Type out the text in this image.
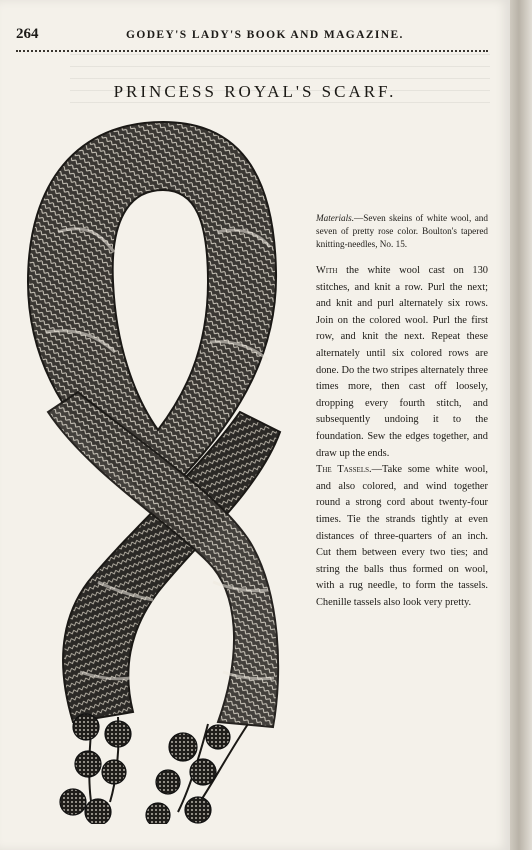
264	GODEY'S LADY'S BOOK AND MAGAZINE.
PRINCESS ROYAL'S SCARF.

Materials.—Seven skeins of white wool, and seven of pretty rose color. Boulton's tapered knitting-needles, No. 15.

With the white wool cast on 130 stitches, and knit a row. Purl the next; and knit and purl alternately six rows. Join on the colored wool. Purl the first row, and knit the next. Repeat these alternately until six colored rows are done. Do the two stripes alternately three times more, then cast off loosely, dropping every fourth stitch, and subsequently undoing it to the foundation. Sew the edges together, and draw up the ends.

The Tassels.—Take some white wool, and also colored, and wind together round a strong cord about twenty-four times. Tie the strands tightly at even distances of three-quarters of an inch. Cut them between every two ties; and string the balls thus formed on wool, with a rug needle, to form the tassels. Chenille tassels also look very pretty.
